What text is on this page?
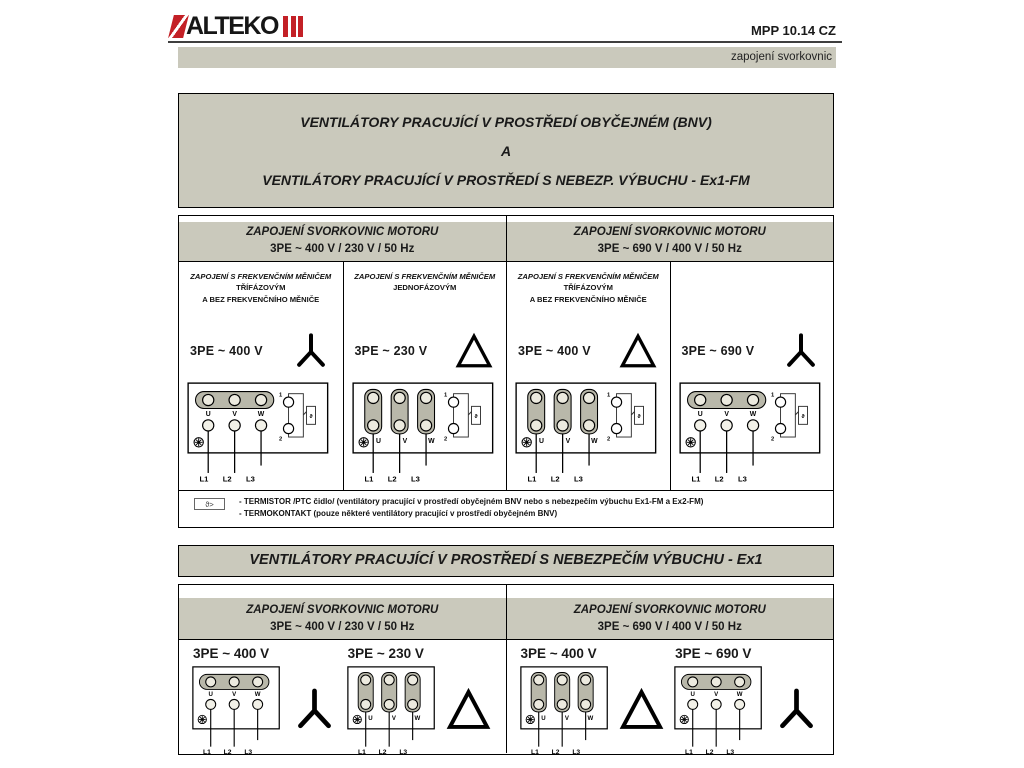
ALTEKO	MPP 10.14 CZ
zapojení svorkovnic
VENTILÁTORY PRACUJÍCÍ V PROSTŘEDÍ OBYČEJNÉM (BNV)
A
VENTILÁTORY PRACUJÍCÍ V PROSTŘEDÍ S NEBEZP. VÝBUCHU - Ex1-FM
ZAPOJENÍ SVORKOVNIC MOTORU
3PE ~ 400 V / 230 V / 50 Hz
ZAPOJENÍ SVORKOVNIC MOTORU
3PE ~ 690 V / 400 V / 50 Hz
ZAPOJENÍ S FREKVENČNÍM MĚNIČEM
TŘÍFÁZOVÝM
A BEZ FREKVENČNÍHO MĚNIČE
3PE ~ 400 V
U	V	W
L1 L2 L3
1
2
ϑ
ZAPOJENÍ S FREKVENČNÍM MĚNIČEM
JEDNOFÁZOVÝM
3PE ~ 230 V
U	V	W
L1 L2 L3
1
2
ϑ
ZAPOJENÍ S FREKVENČNÍM MĚNIČEM
TŘÍFÁZOVÝM
A BEZ FREKVENČNÍHO MĚNIČE
3PE ~ 400 V
U	V	W
L1 L2 L3
1
2
ϑ
3PE ~ 690 V
U	V	W
L1 L2 L3
1
2
ϑ
ϑ>	- TERMISTOR /PTC čidlo/ (ventilátory pracující v prostředí obyčejném BNV nebo s nebezpečím výbuchu Ex1-FM a Ex2-FM)
- TERMOKONTAKT (pouze některé ventilátory pracující v prostředí obyčejném BNV)
VENTILÁTORY PRACUJÍCÍ V PROSTŘEDÍ S NEBEZPEČÍM VÝBUCHU - Ex1
ZAPOJENÍ SVORKOVNIC MOTORU
3PE ~ 400 V / 230 V / 50 Hz
ZAPOJENÍ SVORKOVNIC MOTORU
3PE ~ 690 V / 400 V / 50 Hz
3PE ~ 400 V
U	V	W
L1 L2 L3
3PE ~ 230 V
U	V	W
L1 L2 L3
3PE ~ 400 V
U	V	W
L1 L2 L3
3PE ~ 690 V
U	V	W
L1 L2 L3
